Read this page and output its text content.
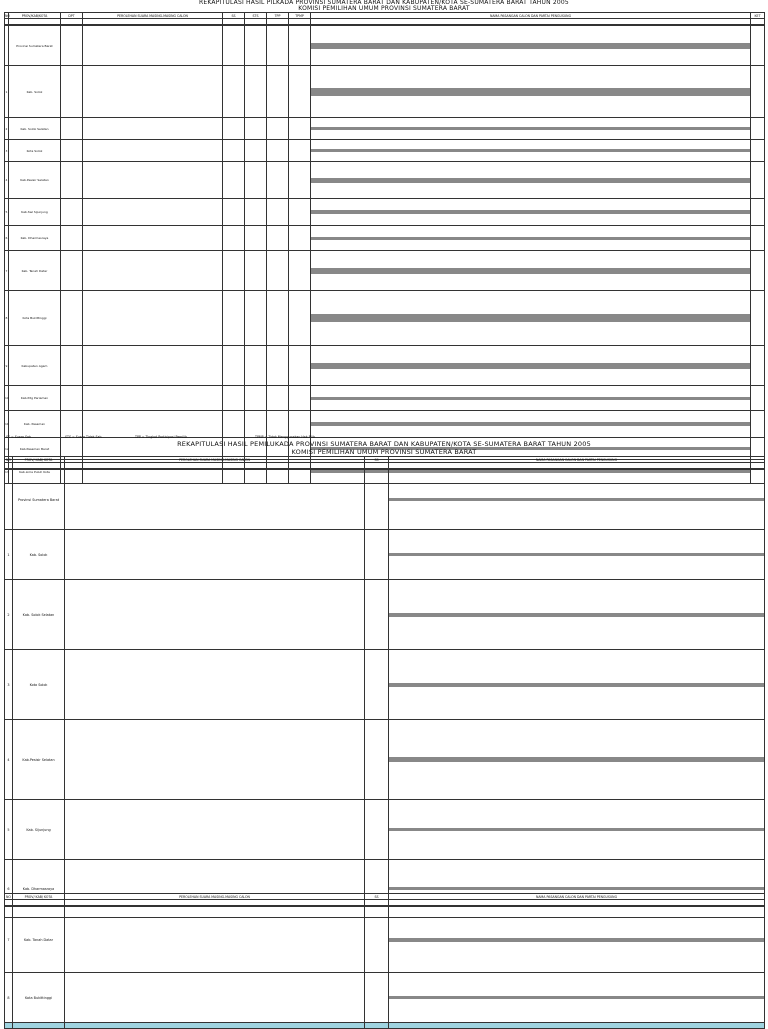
REKAPITULASI HASIL PILKADA PROVINSI SUMATERA BARAT DAN KABUPATEN/KOTA SE-SUMATERA BARAT TAHUN 2005
KOMISI PEMILIHAN UMUM PROVINSI SUMATERA BARAT
NO	PROV/KAB/KOTA	DPT	PEROLEHAN SUARA MASING-MASING CALON	SS	STS	TPP	TPMP	NAMA PASANGAN CALON DAN PARTAI PENGUSUNG	KET

	Provinsi Sumatera Barat							

1	Kab. Solok							

2	Kab. Solok Selatan							

3	Kota Solok							

4	Kab.Pesisir Selatan							

5	Kab.Swl Sijunjung							

6	Kab. Dharmasraya							

7	Kab. Tanah Datar							

8	Kota Bukittinggi							

9	Kabupaten Agam							

10	Kab.Pdg Pariaman							

11	Kab. Pasaman							

12	Kab.Pasaman Barat							

13	Kab.Lima Puluh Kota							

SS = Suara Sah	STS = Suara Tidak Sah	TPP = Tingkat Partisipasi Pemilih	TPMP = Tidak Menggunakan Hak Pilih
REKAPITULASI HASIL PEMILUKADA PROVINSI SUMATERA BARAT DAN KABUPATEN/KOTA SE-SUMATERA BARAT TAHUN 2005
KOMISI PEMILIHAN UMUM PROVINSI SUMATERA BARAT
NO	PROV/ KAB/ KOTA	PEROLEHAN SUARA MASING-MASING CALON	SS	NAMA PASANGAN CALON DAN PARTAI PENGUSUNG

	Provinsi Sumatera Barat			

1	Kab. Solok			

2	Kab. Solok Selatan			

3	Kota Solok			

4	Kab.Pesisir Selatan			

5	Kab. Sijunjung			

6	Kab. Dharmasraya			
NO	PROV/ KAB/ KOTA	PEROLEHAN SUARA MASING-MASING CALON	SS	NAMA PASANGAN CALON DAN PARTAI PENGUSUNG

7	Kab. Tanah Datar			

8	Kota Bukittinggi			
